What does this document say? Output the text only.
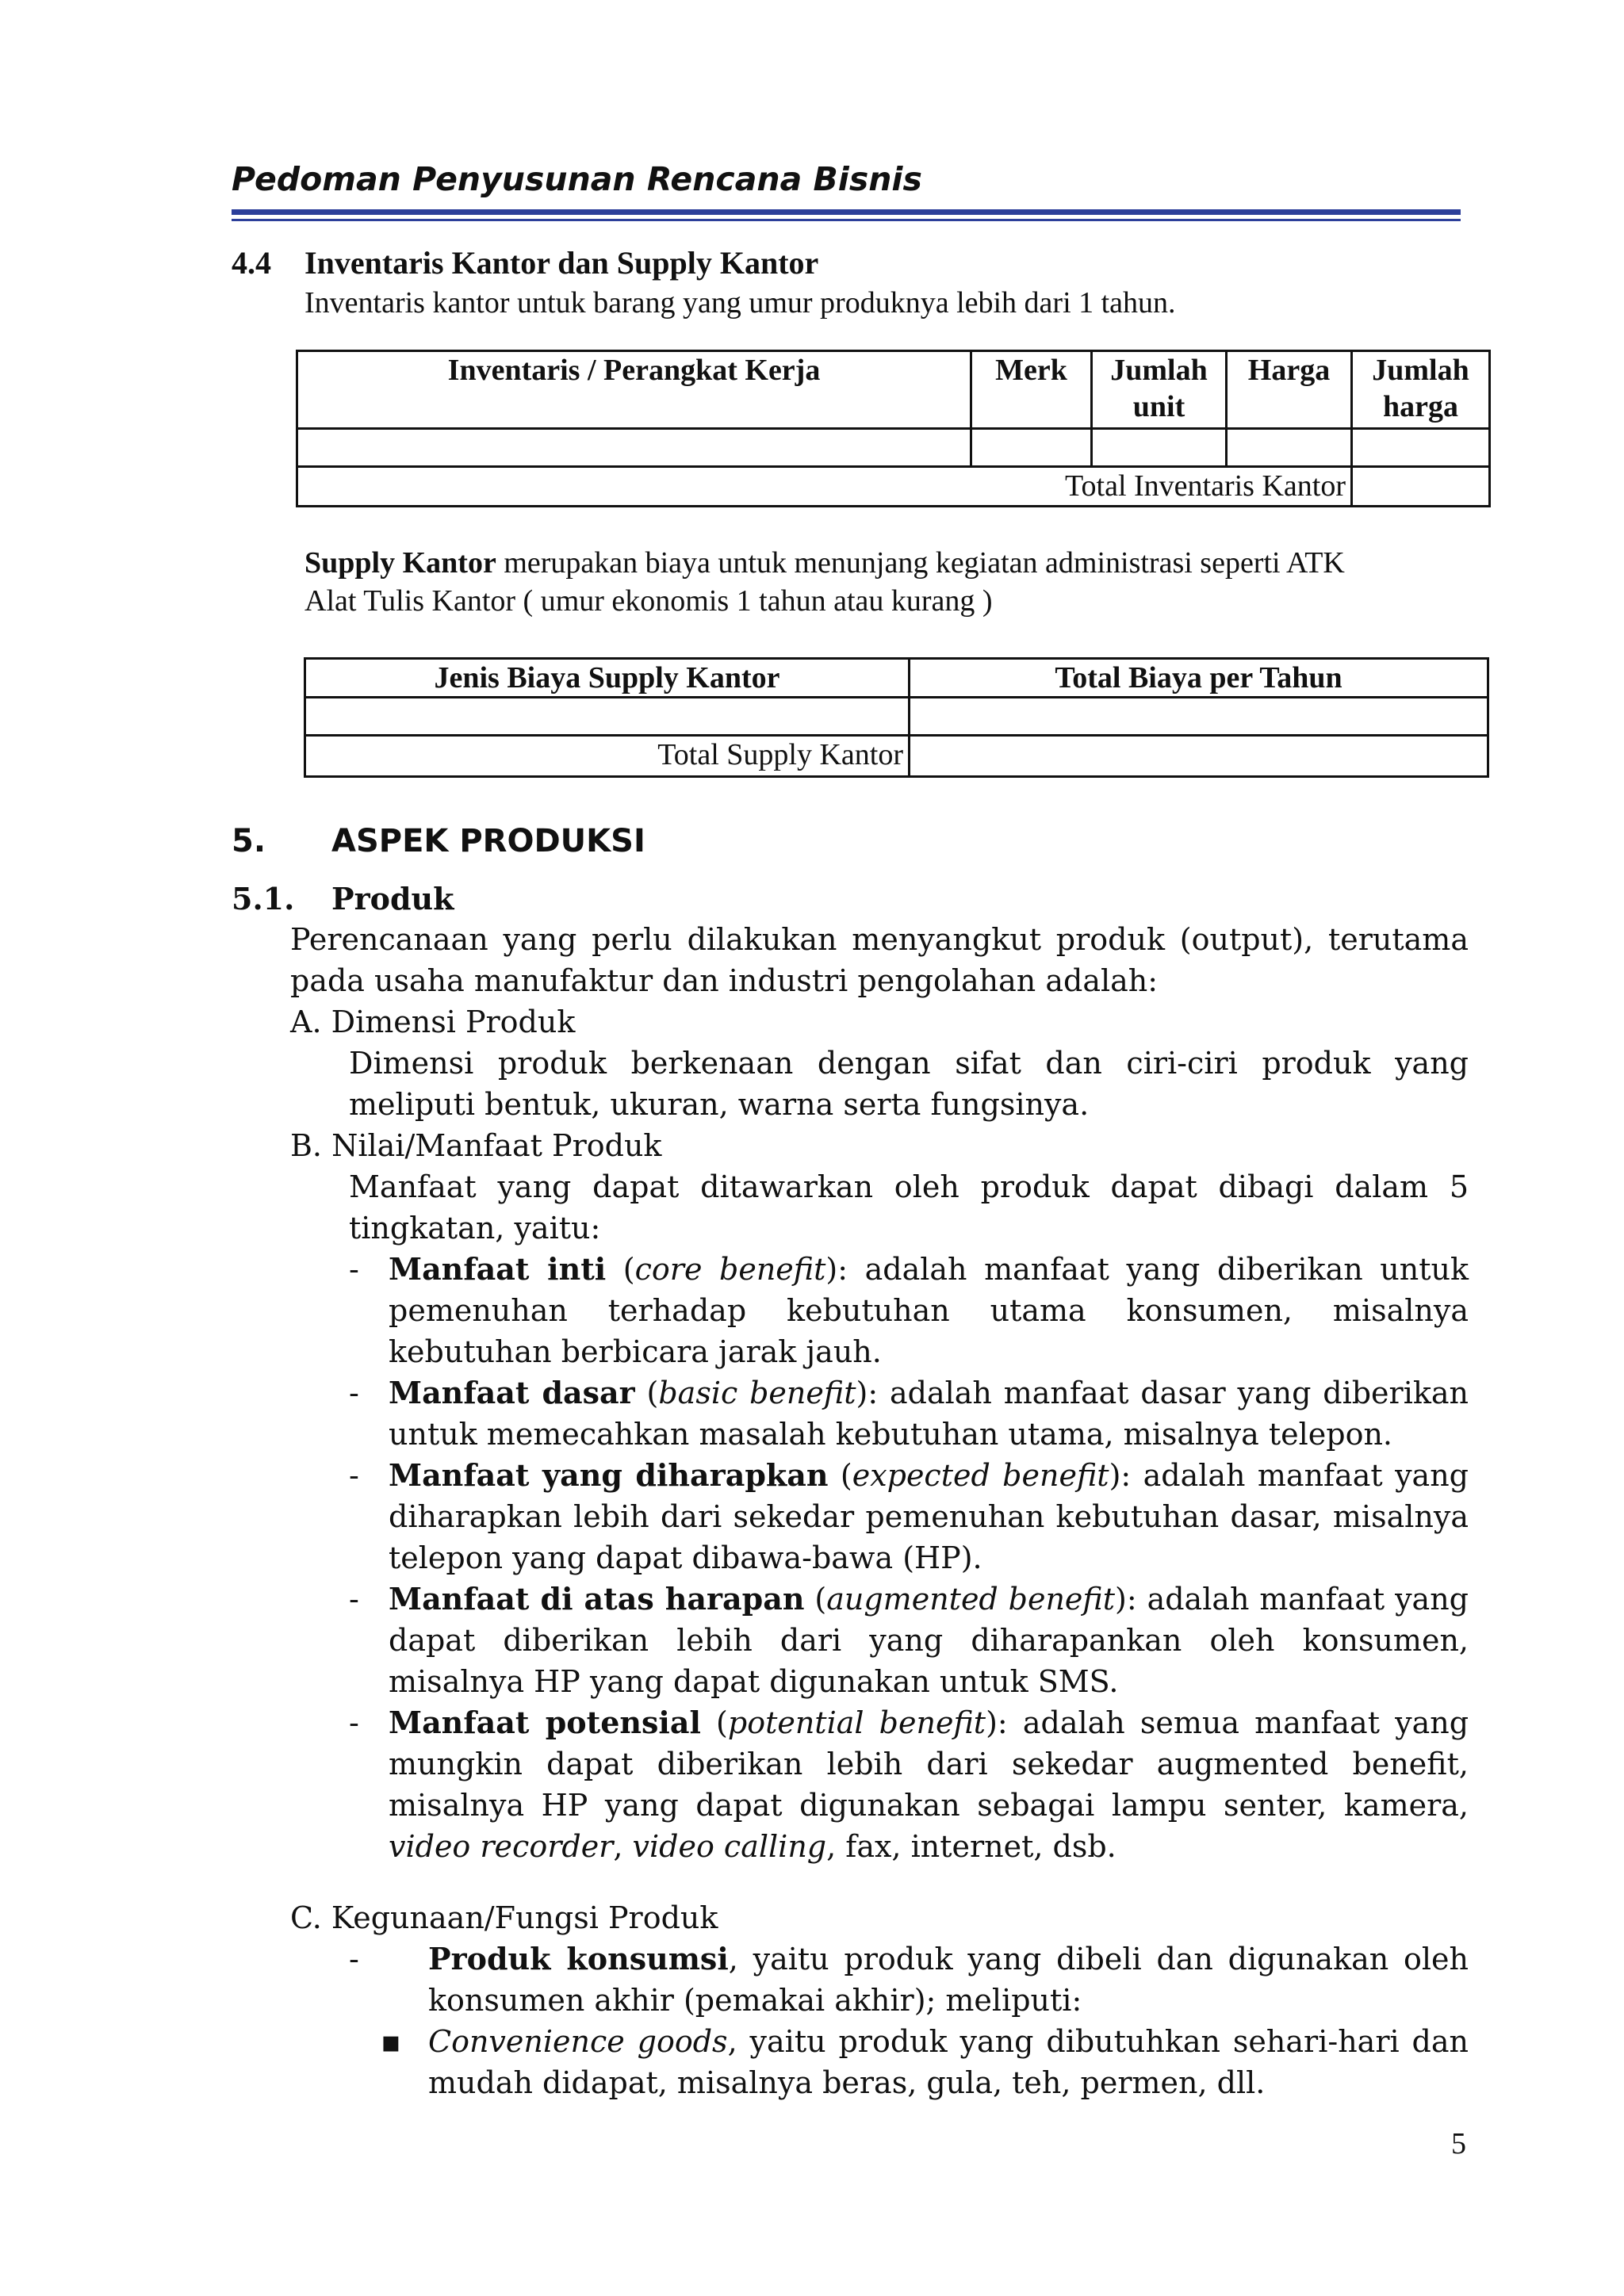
Pedoman Penyusunan Rencana Bisnis
4.4 Inventaris Kantor dan Supply Kantor
Inventaris kantor untuk barang yang umur produknya lebih dari 1 tahun.
Inventaris / Perangkat Kerja	Merk	Jumlah unit	Harga	Jumlah harga

Total Inventaris Kantor				
Supply Kantor merupakan biaya untuk menunjang kegiatan administrasi seperti ATK
Alat Tulis Kantor ( umur ekonomis 1 tahun atau kurang )
Jenis Biaya Supply Kantor	Total Biaya per Tahun

Total Supply Kantor	
5. ASPEK PRODUKSI
5.1. Produk
Perencanaan yang perlu dilakukan menyangkut produk (output), terutama pada usaha manufaktur dan industri pengolahan adalah:
A. Dimensi Produk
Dimensi produk berkenaan dengan sifat dan ciri-ciri produk yang meliputi bentuk, ukuran, warna serta fungsinya.
B. Nilai/Manfaat Produk
Manfaat yang dapat ditawarkan oleh produk dapat dibagi dalam 5 tingkatan, yaitu:
- Manfaat inti (core benefit): adalah manfaat yang diberikan untuk pemenuhan terhadap kebutuhan utama konsumen, misalnya kebutuhan berbicara jarak jauh.
- Manfaat dasar (basic benefit): adalah manfaat dasar yang diberikan untuk memecahkan masalah kebutuhan utama, misalnya telepon.
- Manfaat yang diharapkan (expected benefit): adalah manfaat yang diharapkan lebih dari sekedar pemenuhan kebutuhan dasar, misalnya telepon yang dapat dibawa-bawa (HP).
- Manfaat di atas harapan (augmented benefit): adalah manfaat yang dapat diberikan lebih dari yang diharapankan oleh konsumen, misalnya HP yang dapat digunakan untuk SMS.
- Manfaat potensial (potential benefit): adalah semua manfaat yang mungkin dapat diberikan lebih dari sekedar augmented benefit, misalnya HP yang dapat digunakan sebagai lampu senter, kamera, video recorder, video calling, fax, internet, dsb.
C. Kegunaan/Fungsi Produk
- Produk konsumsi, yaitu produk yang dibeli dan digunakan oleh konsumen akhir (pemakai akhir); meliputi:
▪ Convenience goods, yaitu produk yang dibutuhkan sehari-hari dan mudah didapat, misalnya beras, gula, teh, permen, dll.
5
